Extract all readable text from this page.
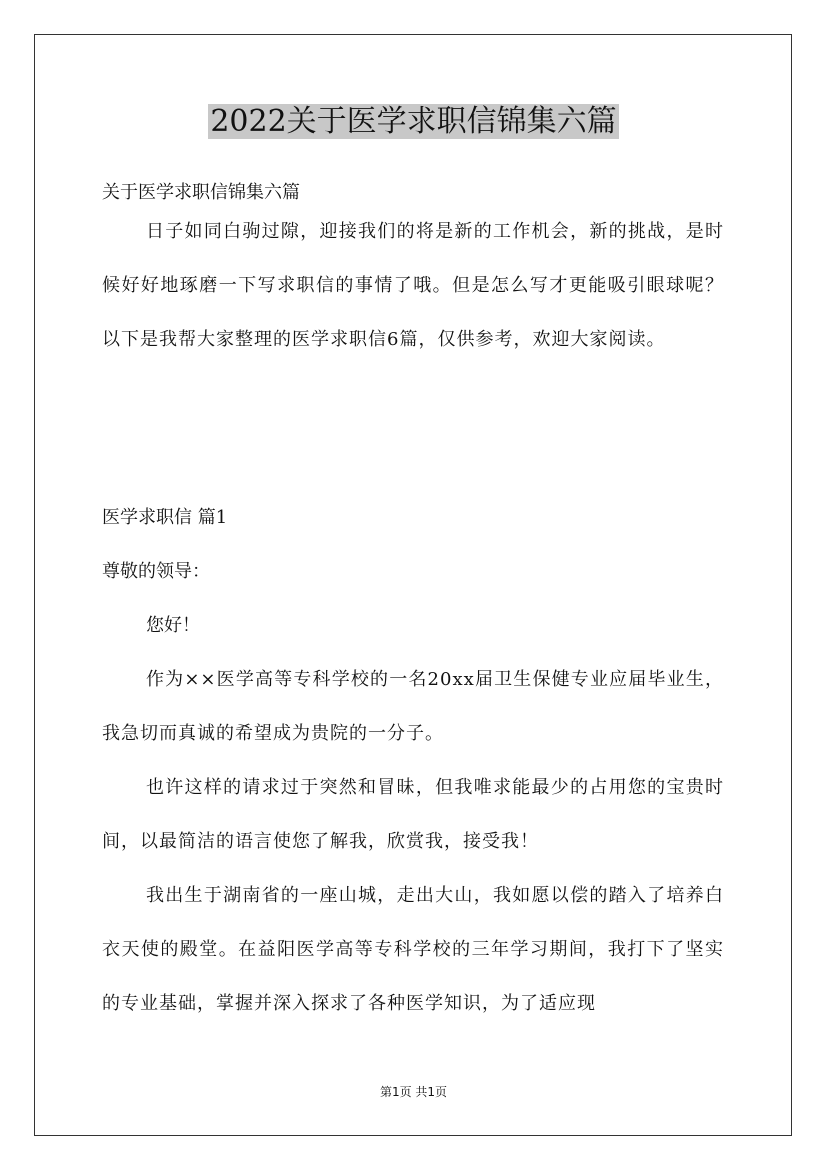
2022关于医学求职信锦集六篇
关于医学求职信锦集六篇

日子如同白驹过隙，迎接我们的将是新的工作机会，新的挑战，是时候好好地琢磨一下写求职信的事情了哦。但是怎么写才更能吸引眼球呢？以下是我帮大家整理的医学求职信6篇，仅供参考，欢迎大家阅读。

医学求职信 篇1
尊敬的领导：
您好！

作为××医学高等专科学校的一名20xx届卫生保健专业应届毕业生，我急切而真诚的希望成为贵院的一分子。

也许这样的请求过于突然和冒昧，但我唯求能最少的占用您的宝贵时间，以最简洁的语言使您了解我，欣赏我，接受我！

我出生于湖南省的一座山城，走出大山，我如愿以偿的踏入了培养白衣天使的殿堂。在益阳医学高等专科学校的三年学习期间，我打下了坚实的专业基础，掌握并深入探求了各种医学知识，为了适应现

第1页 共1页
